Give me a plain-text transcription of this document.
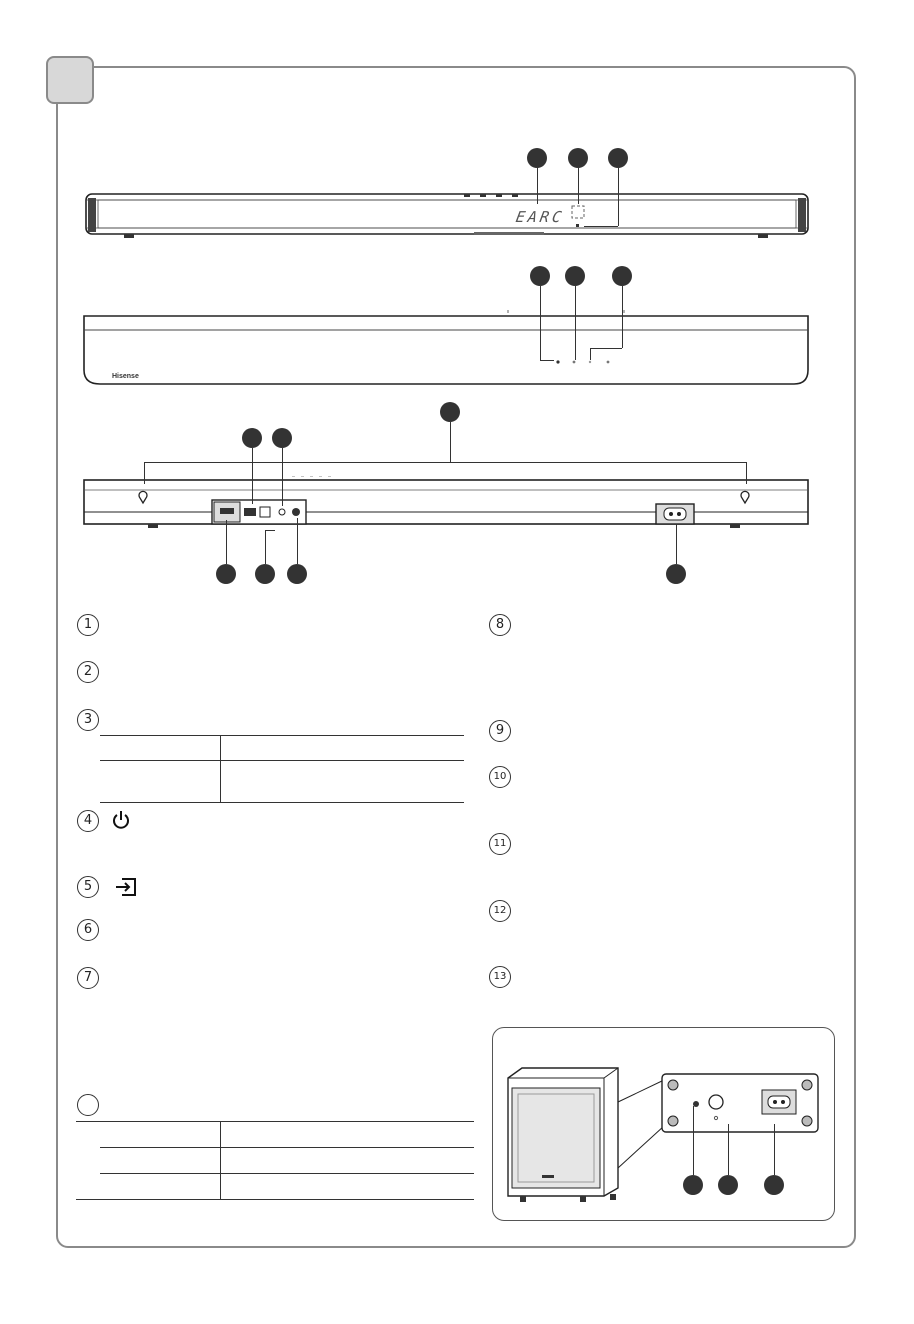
EARC
Hisense
1
2
3
4
5
6
7
8
9
10
11
12
13
